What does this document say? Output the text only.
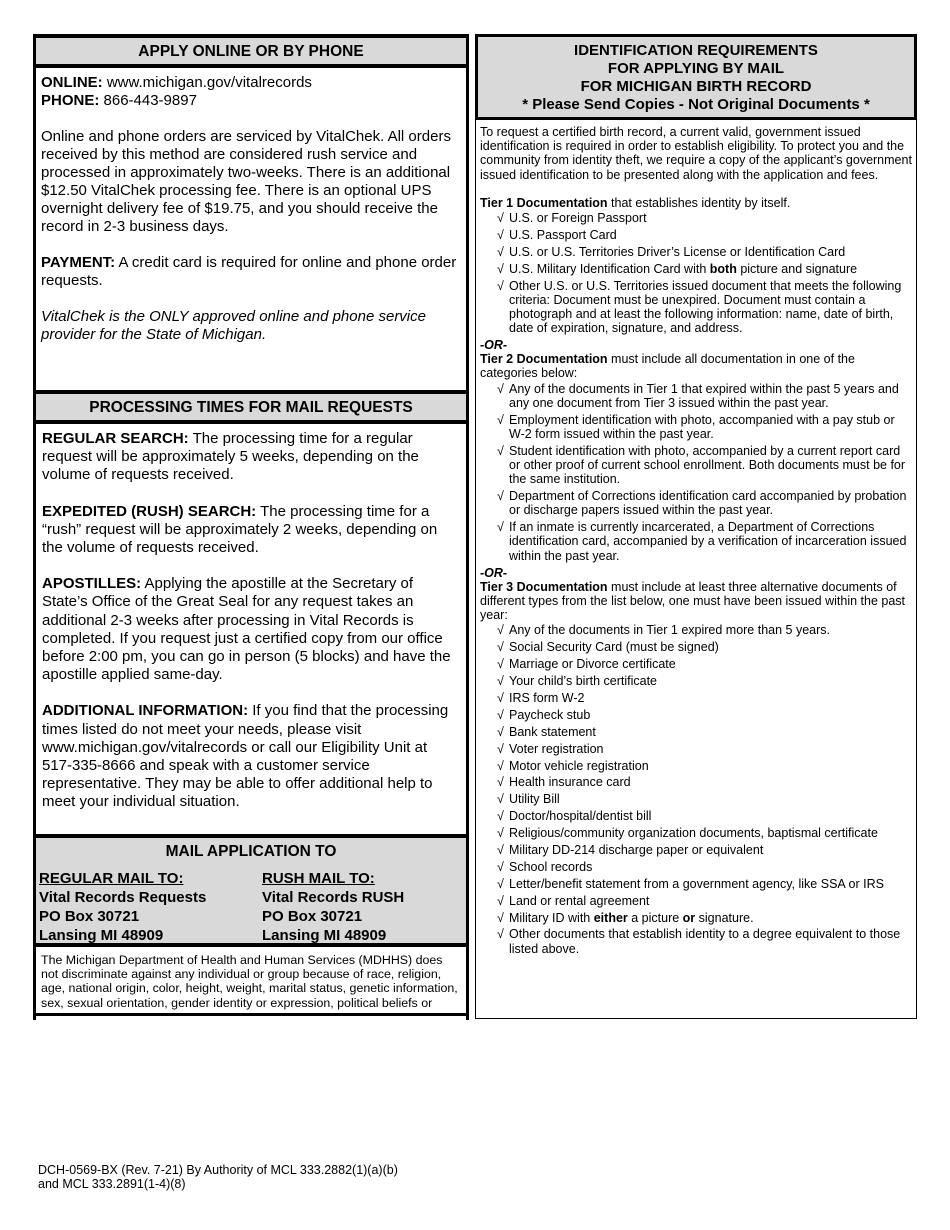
APPLY ONLINE OR BY PHONE

ONLINE: www.michigan.gov/vitalrecords

PHONE: 866-443-9897

Online and phone orders are serviced by VitalChek. All orders received by this method are considered rush service and processed in approximately two-weeks. There is an additional $12.50 VitalChek processing fee. There is an optional UPS overnight delivery fee of $19.75, and you should receive the record in 2-3 business days.

PAYMENT: A credit card is required for online and phone order requests.

VitalChek is the ONLY approved online and phone service provider for the State of Michigan.

PROCESSING TIMES FOR MAIL REQUESTS

REGULAR SEARCH: The processing time for a regular request will be approximately 5 weeks, depending on the volume of requests received.

EXPEDITED (RUSH) SEARCH: The processing time for a “rush” request will be approximately 2 weeks, depending on the volume of requests received.

APOSTILLES: Applying the apostille at the Secretary of State’s Office of the Great Seal for any request takes an additional 2-3 weeks after processing in Vital Records is completed. If you request just a certified copy from our office before 2:00 pm, you can go in person (5 blocks) and have the apostille applied same-day.

ADDITIONAL INFORMATION: If you find that the processing times listed do not meet your needs, please visit www.michigan.gov/vitalrecords or call our Eligibility Unit at 517-335-8666 and speak with a customer service representative. They may be able to offer additional help to meet your individual situation.

MAIL APPLICATION TO
REGULAR MAIL TO:
Vital Records Requests
PO Box 30721
Lansing MI 48909
RUSH MAIL TO:
Vital Records RUSH
PO Box 30721
Lansing MI 48909
The Michigan Department of Health and Human Services (MDHHS) does not discriminate against any individual or group because of race, religion, age, national origin, color, height, weight, marital status, genetic information, sex, sexual orientation, gender identity or expression, political beliefs or
IDENTIFICATION REQUIREMENTS
FOR APPLYING BY MAIL
FOR MICHIGAN BIRTH RECORD
* Please Send Copies - Not Original Documents *

To request a certified birth record, a current valid, government issued identification is required in order to establish eligibility. To protect you and the community from identity theft, we require a copy of the applicant’s government issued identification to be presented along with the application and fees.

Tier 1 Documentation that establishes identity by itself.

√ U.S. or Foreign Passport
√ U.S. Passport Card
√ U.S. or U.S. Territories Driver’s License or Identification Card
√ U.S. Military Identification Card with both picture and signature
√ Other U.S. or U.S. Territories issued document that meets the following criteria: Document must be unexpired. Document must contain a photograph and at least the following information: name, date of birth, date of expiration, signature, and address.
-OR-

Tier 2 Documentation must include all documentation in one of the categories below:

√ Any of the documents in Tier 1 that expired within the past 5 years and any one document from Tier 3 issued within the past year.
√ Employment identification with photo, accompanied with a pay stub or W-2 form issued within the past year.
√ Student identification with photo, accompanied by a current report card or other proof of current school enrollment. Both documents must be for the same institution.
√ Department of Corrections identification card accompanied by probation or discharge papers issued within the past year.
√ If an inmate is currently incarcerated, a Department of Corrections identification card, accompanied by a verification of incarceration issued within the past year.
-OR-

Tier 3 Documentation must include at least three alternative documents of different types from the list below, one must have been issued within the past year:

√ Any of the documents in Tier 1 expired more than 5 years.
√ Social Security Card (must be signed)
√ Marriage or Divorce certificate
√ Your child’s birth certificate
√ IRS form W-2
√ Paycheck stub
√ Bank statement
√ Voter registration
√ Motor vehicle registration
√ Health insurance card
√ Utility Bill
√ Doctor/hospital/dentist bill
√ Religious/community organization documents, baptismal certificate
√ Military DD-214 discharge paper or equivalent
√ School records
√ Letter/benefit statement from a government agency, like SSA or IRS
√ Land or rental agreement
√ Military ID with either a picture or signature.
√ Other documents that establish identity to a degree equivalent to those listed above.
DCH-0569-BX (Rev. 7-21) By Authority of MCL 333.2882(1)(a)(b)
and MCL 333.2891(1-4)(8)
